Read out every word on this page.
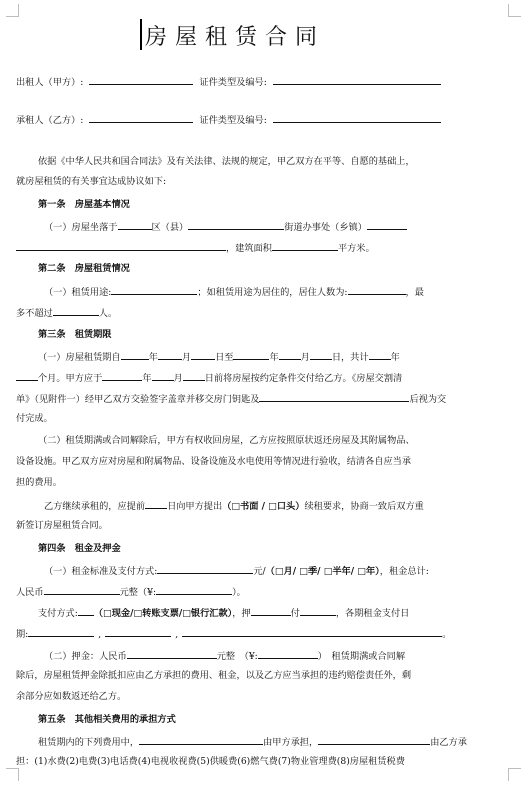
房屋租赁合同
出租人（甲方）:	证件类型及编号:
承租人（乙方）:	证件类型及编号:
依据《中华人民共和国合同法》及有关法律、法规的规定，甲乙双方在平等、自愿的基础上，
就房屋租赁的有关事宜达成协议如下:
第一条　房屋基本情况
（一）房屋坐落于	区（县）	街道办事处（乡镇）
，建筑面积	平方米。
第二条　房屋租赁情况
（一）租赁用途:	；如租赁用途为居住的，居住人数为:	，最
多不超过	人。
第三条　租赁期限
（一）房屋租赁期自	年	月	日至	年 月 日，共计 年
个月。甲方应于	年 月 日前将房屋按约定条件交付给乙方。《房屋交割清
单》（见附件一）经甲乙双方交验签字盖章并移交房门钥匙及	后视为交
付完成。
（二）租赁期满或合同解除后，甲方有权收回房屋，乙方应按照原状返还房屋及其附属物品、
设备设施。甲乙双方应对房屋和附属物品、设备设施及水电使用等情况进行验收，结清各自应当承
担的费用。
乙方继续承租的，应提前 日向甲方提出（□书面 / □口头）续租要求，协商一致后双方重
新签订房屋租赁合同。
第四条　租金及押金
（一）租金标准及支付方式:	元/（□月/ □季/ □半年/ □年），租金总计:
人民币	元整（¥:	）。
支付方式: （□现金/□转账支票/□银行汇款），押	付	，各期租金支付日
期:	,	,	。
（二）押金：人民币	元整　（¥:	）　租赁期满或合同解
除后，房屋租赁押金除抵扣应由乙方承担的费用、租金，以及乙方应当承担的违约赔偿责任外，剩
余部分应如数返还给乙方。
第五条　其他相关费用的承担方式
租赁期内的下列费用中，	由甲方承担，	由乙方承
担：(1)水费(2)电费(3)电话费(4)电视收视费(5)供暖费(6)燃气费(7)物业管理费(8)房屋租赁税费
